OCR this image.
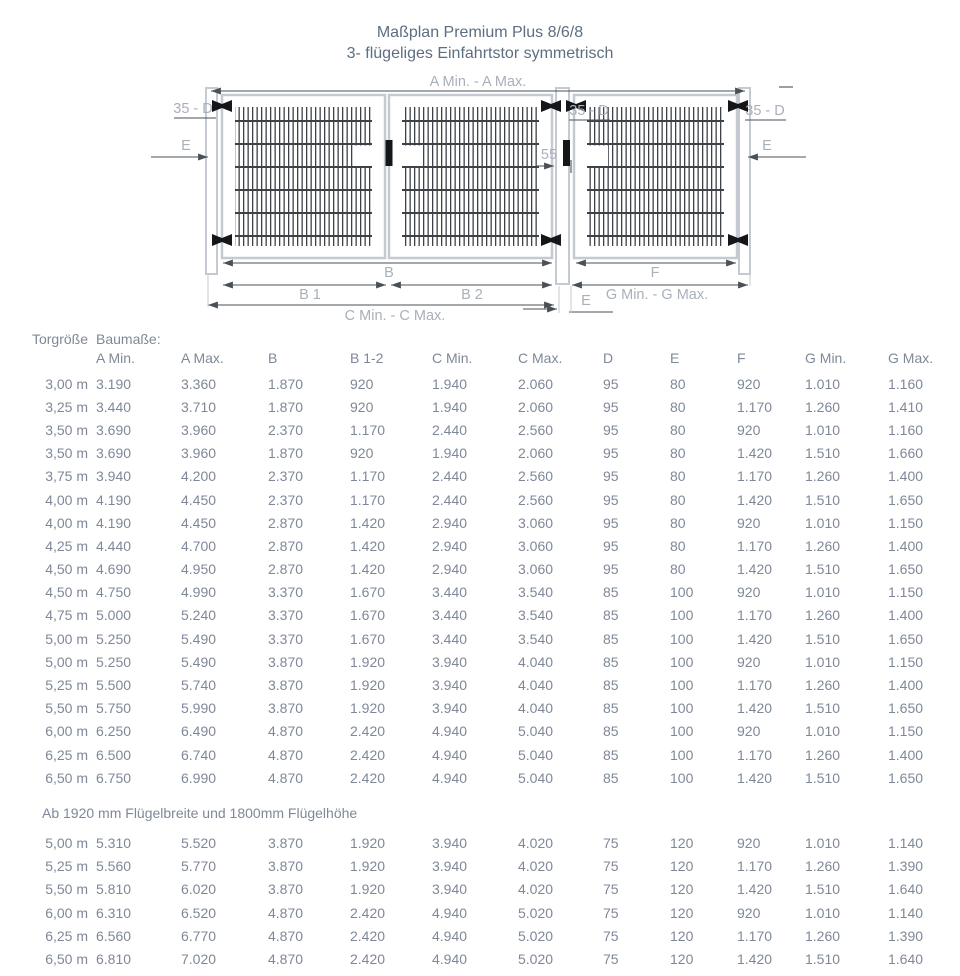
Maßplan Premium Plus 8/6/8
3- flügeliges Einfahrtstor symmetrisch
A Min. - A Max.
35 - D	35 - D	35 - D
E	E
55
B
B 1	B 2
F
G Min. - G Max.
C Min. - C Max.
E
Torgröße Baumaße:
A Min.	A Max.	B	B 1-2	C Min.	C Max.	D	E	F	G Min.	G Max.
3,00 m 3.190	3.360	1.870	920	1.940	2.060	95	80	920	1.010	1.160
3,25 m 3.440	3.710	1.870	920	1.940	2.060	95	80	1.170	1.260	1.410
3,50 m 3.690	3.960	2.370	1.170	2.440	2.560	95	80	920	1.010	1.160
3,50 m 3.690	3.960	1.870	920	1.940	2.060	95	80	1.420	1.510	1.660
3,75 m 3.940	4.200	2.370	1.170	2.440	2.560	95	80	1.170	1.260	1.400
4,00 m 4.190	4.450	2.370	1.170	2.440	2.560	95	80	1.420	1.510	1.650
4,00 m 4.190	4.450	2.870	1.420	2.940	3.060	95	80	920	1.010	1.150
4,25 m 4.440	4.700	2.870	1.420	2.940	3.060	95	80	1.170	1.260	1.400
4,50 m 4.690	4.950	2.870	1.420	2.940	3.060	95	80	1.420	1.510	1.650
4,50 m 4.750	4.990	3.370	1.670	3.440	3.540	85	100	920	1.010	1.150
4,75 m 5.000	5.240	3.370	1.670	3.440	3.540	85	100	1.170	1.260	1.400
5,00 m 5.250	5.490	3.370	1.670	3.440	3.540	85	100	1.420	1.510	1.650
5,00 m 5.250	5.490	3.870	1.920	3.940	4.040	85	100	920	1.010	1.150
5,25 m 5.500	5.740	3.870	1.920	3.940	4.040	85	100	1.170	1.260	1.400
5,50 m 5.750	5.990	3.870	1.920	3.940	4.040	85	100	1.420	1.510	1.650
6,00 m 6.250	6.490	4.870	2.420	4.940	5.040	85	100	920	1.010	1.150
6,25 m 6.500	6.740	4.870	2.420	4.940	5.040	85	100	1.170	1.260	1.400
6,50 m 6.750	6.990	4.870	2.420	4.940	5.040	85	100	1.420	1.510	1.650
Ab 1920 mm Flügelbreite und 1800mm Flügelhöhe
5,00 m 5.310	5.520	3.870	1.920	3.940	4.020	75	120	920	1.010	1.140
5,25 m 5.560	5.770	3.870	1.920	3.940	4.020	75	120	1.170	1.260	1.390
5,50 m 5.810	6.020	3.870	1.920	3.940	4.020	75	120	1.420	1.510	1.640
6,00 m 6.310	6.520	4.870	2.420	4.940	5.020	75	120	920	1.010	1.140
6,25 m 6.560	6.770	4.870	2.420	4.940	5.020	75	120	1.170	1.260	1.390
6,50 m 6.810	7.020	4.870	2.420	4.940	5.020	75	120	1.420	1.510	1.640
